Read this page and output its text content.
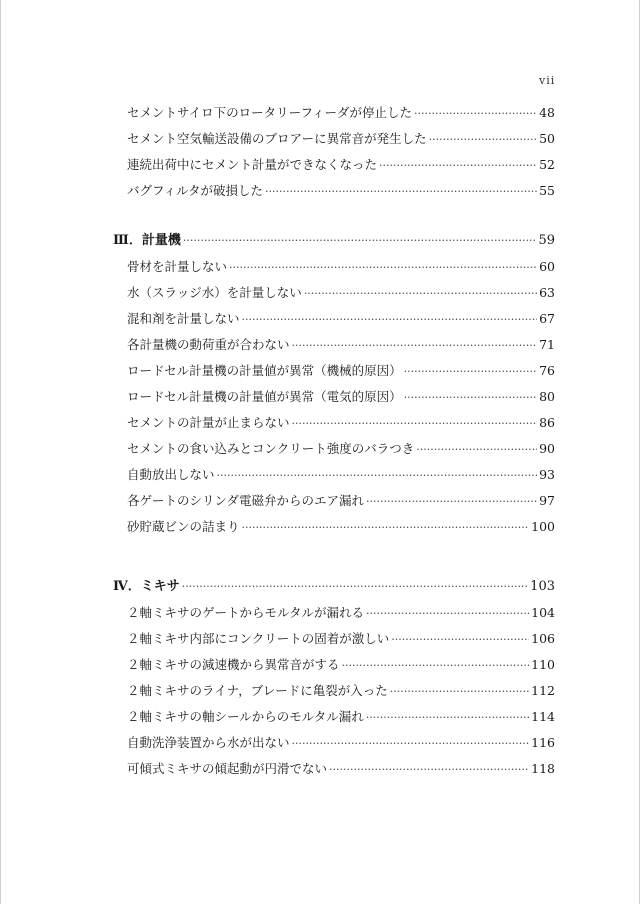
vii
セメントサイロ下のロータリーフィーダが停止した ·····	48
セメント空気輸送設備のブロアーに異常音が発生した ·····	50
連続出荷中にセメント計量ができなくなった ·····	52
バグフィルタが破損した ·····	55
Ⅲ．計量機 ·····	59
骨材を計量しない ·····	60
水（スラッジ水）を計量しない ·····	63
混和剤を計量しない ·····	67
各計量機の動荷重が合わない ·····	71
ロードセル計量機の計量値が異常（機械的原因） ·····	76
ロードセル計量機の計量値が異常（電気的原因） ·····	80
セメントの計量が止まらない ·····	86
セメントの食い込みとコンクリート強度のバラつき ·····	90
自動放出しない ·····	93
各ゲートのシリンダ電磁弁からのエア漏れ ·····	97
砂貯蔵ビンの詰まり ·····	100
Ⅳ．ミキサ ·····	103
２軸ミキサのゲートからモルタルが漏れる ·····	104
２軸ミキサ内部にコンクリートの固着が激しい ·····	106
２軸ミキサの減速機から異常音がする ·····	110
２軸ミキサのライナ，ブレードに亀裂が入った ·····	112
２軸ミキサの軸シールからのモルタル漏れ ·····	114
自動洗浄装置から水が出ない ·····	116
可傾式ミキサの傾起動が円滑でない ·····	118
